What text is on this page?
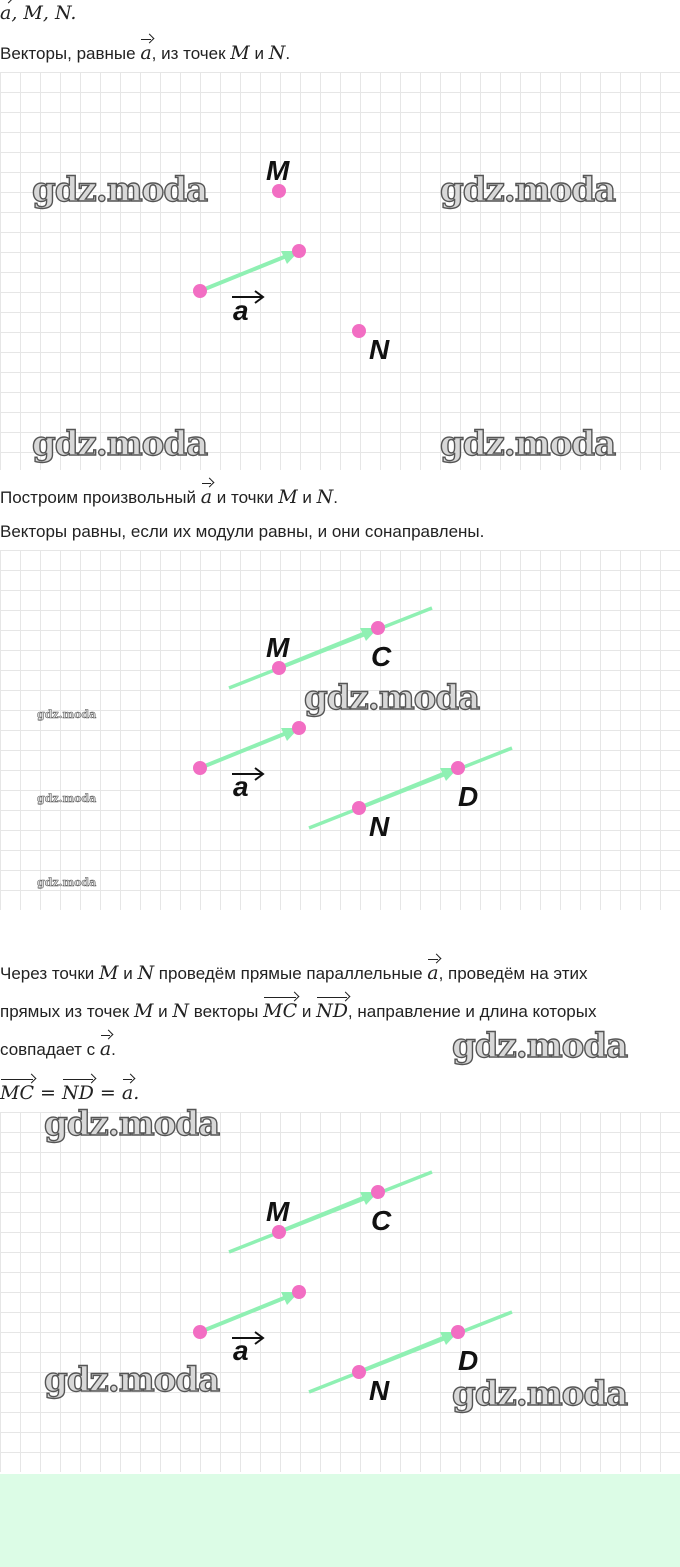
a, M, N.
Векторы, равные a, из точек M и N.
gdz.moda	gdz.moda
gdz.moda	gdz.moda
M
N
a
Построим произвольный a и точки M и N.
Векторы равны, если их модули равны, и они сонаправлены.
gdz.moda
gdz.moda
gdz.moda
gdz.moda
M	C
N
D
a
Через точки M и N проведём прямые параллельные a, проведём на этих
прямых из точек M и N векторы MC и ND, направление и длина которых
совпадает с a.	gdz.moda
MC = ND = a.
gdz.moda
gdz.moda	gdz.moda
M	C
N
D
a
